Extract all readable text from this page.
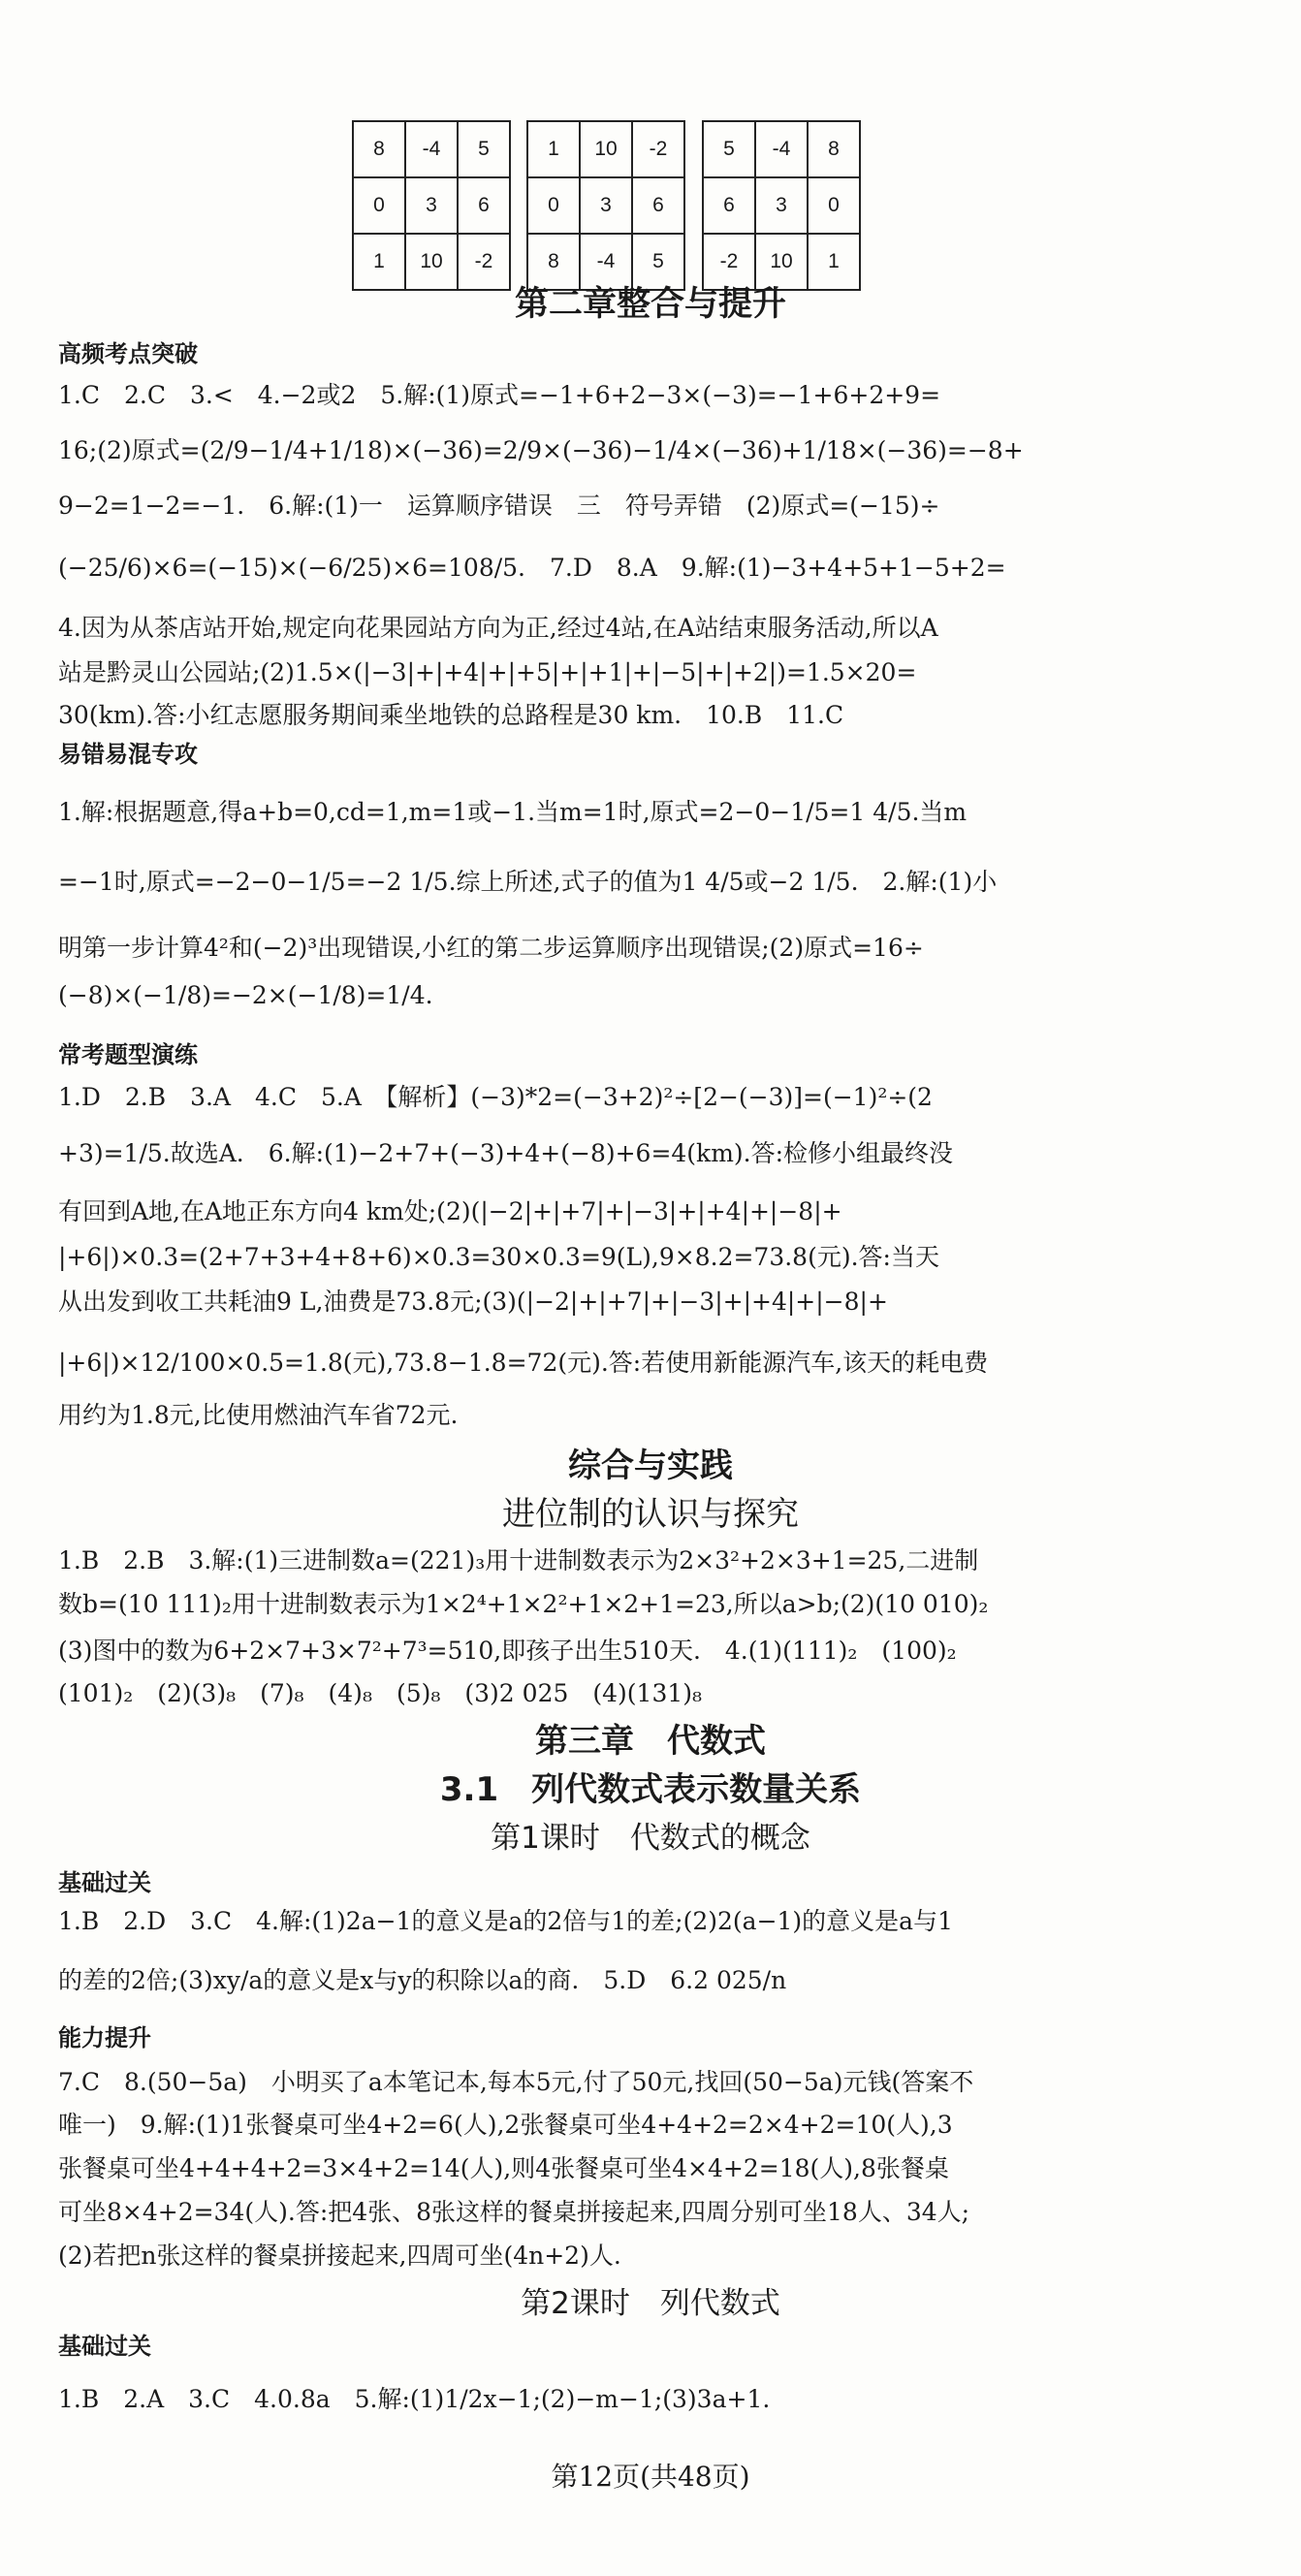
8	-4	5
0	3	6
1	10	-2
1	10	-2
0	3	6
8	-4	5
5	-4	8
6	3	0
-2	10	1
第二章整合与提升
高频考点突破
1.C　2.C　3.<　4.−2或2　5.解:(1)原式=−1+6+2−3×(−3)=−1+6+2+9=
16;(2)原式=(2/9−1/4+1/18)×(−36)=2/9×(−36)−1/4×(−36)+1/18×(−36)=−8+
9−2=1−2=−1.　6.解:(1)一　运算顺序错误　三　符号弄错　(2)原式=(−15)÷
(−25/6)×6=(−15)×(−6/25)×6=108/5.　7.D　8.A　9.解:(1)−3+4+5+1−5+2=
4.因为从茶店站开始,规定向花果园站方向为正,经过4站,在A站结束服务活动,所以A
站是黔灵山公园站;(2)1.5×(|−3|+|+4|+|+5|+|+1|+|−5|+|+2|)=1.5×20=
30(km).答:小红志愿服务期间乘坐地铁的总路程是30 km.　10.B　11.C
易错易混专攻
1.解:根据题意,得a+b=0,cd=1,m=1或−1.当m=1时,原式=2−0−1/5=1 4/5.当m
=−1时,原式=−2−0−1/5=−2 1/5.综上所述,式子的值为1 4/5或−2 1/5.　2.解:(1)小
明第一步计算4²和(−2)³出现错误,小红的第二步运算顺序出现错误;(2)原式=16÷
(−8)×(−1/8)=−2×(−1/8)=1/4.
常考题型演练
1.D　2.B　3.A　4.C　5.A　【解析】(−3)*2=(−3+2)²÷[2−(−3)]=(−1)²÷(2
+3)=1/5.故选A.　6.解:(1)−2+7+(−3)+4+(−8)+6=4(km).答:检修小组最终没
有回到A地,在A地正东方向4 km处;(2)(|−2|+|+7|+|−3|+|+4|+|−8|+
|+6|)×0.3=(2+7+3+4+8+6)×0.3=30×0.3=9(L),9×8.2=73.8(元).答:当天
从出发到收工共耗油9 L,油费是73.8元;(3)(|−2|+|+7|+|−3|+|+4|+|−8|+
|+6|)×12/100×0.5=1.8(元),73.8−1.8=72(元).答:若使用新能源汽车,该天的耗电费
用约为1.8元,比使用燃油汽车省72元.
综合与实践
进位制的认识与探究
1.B　2.B　3.解:(1)三进制数a=(221)₃用十进制数表示为2×3²+2×3+1=25,二进制
数b=(10 111)₂用十进制数表示为1×2⁴+1×2²+1×2+1=23,所以a>b;(2)(10 010)₂
(3)图中的数为6+2×7+3×7²+7³=510,即孩子出生510天.　4.(1)(111)₂　(100)₂
(101)₂　(2)(3)₈　(7)₈　(4)₈　(5)₈　(3)2 025　(4)(131)₈
第三章　代数式
3.1　列代数式表示数量关系
第1课时　代数式的概念
基础过关
1.B　2.D　3.C　4.解:(1)2a−1的意义是a的2倍与1的差;(2)2(a−1)的意义是a与1
的差的2倍;(3)xy/a的意义是x与y的积除以a的商.　5.D　6.2 025/n
能力提升
7.C　8.(50−5a)　小明买了a本笔记本,每本5元,付了50元,找回(50−5a)元钱(答案不
唯一)　9.解:(1)1张餐桌可坐4+2=6(人),2张餐桌可坐4+4+2=2×4+2=10(人),3
张餐桌可坐4+4+4+2=3×4+2=14(人),则4张餐桌可坐4×4+2=18(人),8张餐桌
可坐8×4+2=34(人).答:把4张、8张这样的餐桌拼接起来,四周分别可坐18人、34人;
(2)若把n张这样的餐桌拼接起来,四周可坐(4n+2)人.
第2课时　列代数式
基础过关
1.B　2.A　3.C　4.0.8a　5.解:(1)1/2x−1;(2)−m−1;(3)3a+1.
第12页(共48页)
